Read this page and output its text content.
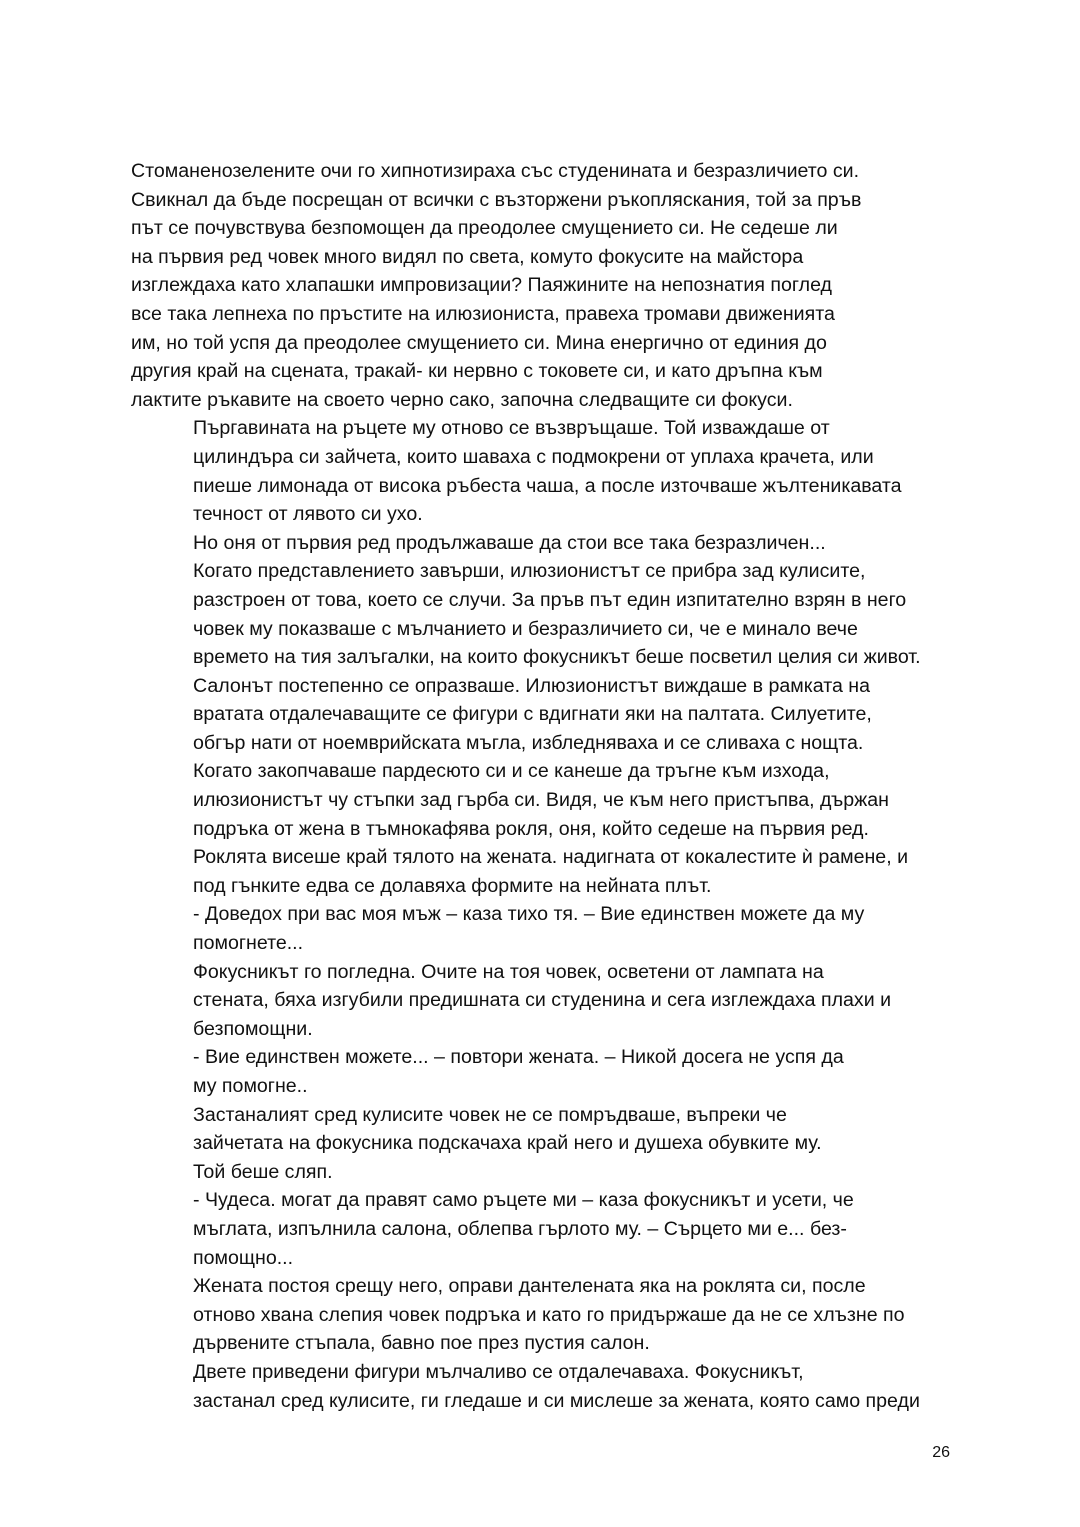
Стоманенозелените очи го хипнотизираха със студенината и безразличието си.
Свикнал да бъде посрещан от всички с възторжени ръкопляскания, той за пръв
път се почувствува безпомощен да преодолее смущението си. Не седеше ли
на първия ред човек много видял по света, комуто фокусите на майстора
изглеждаха като хлапашки импровизации? Паяжините на непознатия поглед
все така лепнеха по пръстите на илюзиониста, правеха тромави движенията
им, но той успя да преодолее смущението си. Мина енергично от единия до
другия край на сцената, тракай- ки нервно с токовете си, и като дръпна към
лактите ръкавите на своето черно сако, започна следващите си фокуси.

Пъргавината на ръцете му отново се възвръщаше. Той изваждаше от
цилиндъра си зайчета, които шаваха с подмокрени от уплаха крачета, или
пиеше лимонада от висока ръбеста чаша, а после източваше жълтеникавата
течност от лявото си ухо.

Но оня от първия ред продължаваше да стои все така безразличен...

Когато представлението завърши, илюзионистът се прибра зад кулисите,
разстроен от това, което се случи. За пръв път един изпитателно взрян в него
човек му показваше с мълчанието и безразличието си, че е минало вече
времето на тия залъгалки, на които фокусникът беше посветил целия си живот.

Салонът постепенно се опразваше. Илюзионистът виждаше в рамката на
вратата отдалечаващите се фигури с вдигнати яки на палтата. Силуетите,
обгър нати от ноемврийската мъгла, избледняваха и се сливаха с нощта.

Когато закопчаваше пардесюто си и се канеше да тръгне към изхода,
илюзионистът чу стъпки зад гърба си. Видя, че към него пристъпва, държан
подръка от жена в тъмнокафява рокля, оня, който седеше на първия ред.
Роклята висеше край тялото на жената. надигната от кокалестите ѝ рамене, и
под гънките едва се долавяха формите на нейната плът.

- Доведох при вас моя мъж – каза тихо тя. – Вие единствен можете да му
помогнете...

Фокусникът го погледна. Очите на тоя човек, осветени от лампата на
стената, бяха изгубили предишната си студенина и сега изглеждаха плахи и
безпомощни.

- Вие единствен можете... – повтори жената. – Никой досега не успя да
му помогне..

Застаналият сред кулисите човек не се помръдваше, въпреки че
зайчетата на фокусника подскачаха край него и душеха обувките му.

Той беше сляп.

- Чудеса. могат да правят само ръцете ми – каза фокусникът и усети, че
мъглата, изпълнила салона, облепва гърлото му. – Сърцето ми е... без-
помощно...

Жената постоя срещу него, оправи дантелената яка на роклята си, после
отново хвана слепия човек подръка и като го придържаше да не се хлъзне по
дървените стъпала, бавно пое през пустия салон.

Двете приведени фигури мълчаливо се отдалечаваха. Фокусникът,
застанал сред кулисите, ги гледаше и си мислеше за жената, която само преди

26
